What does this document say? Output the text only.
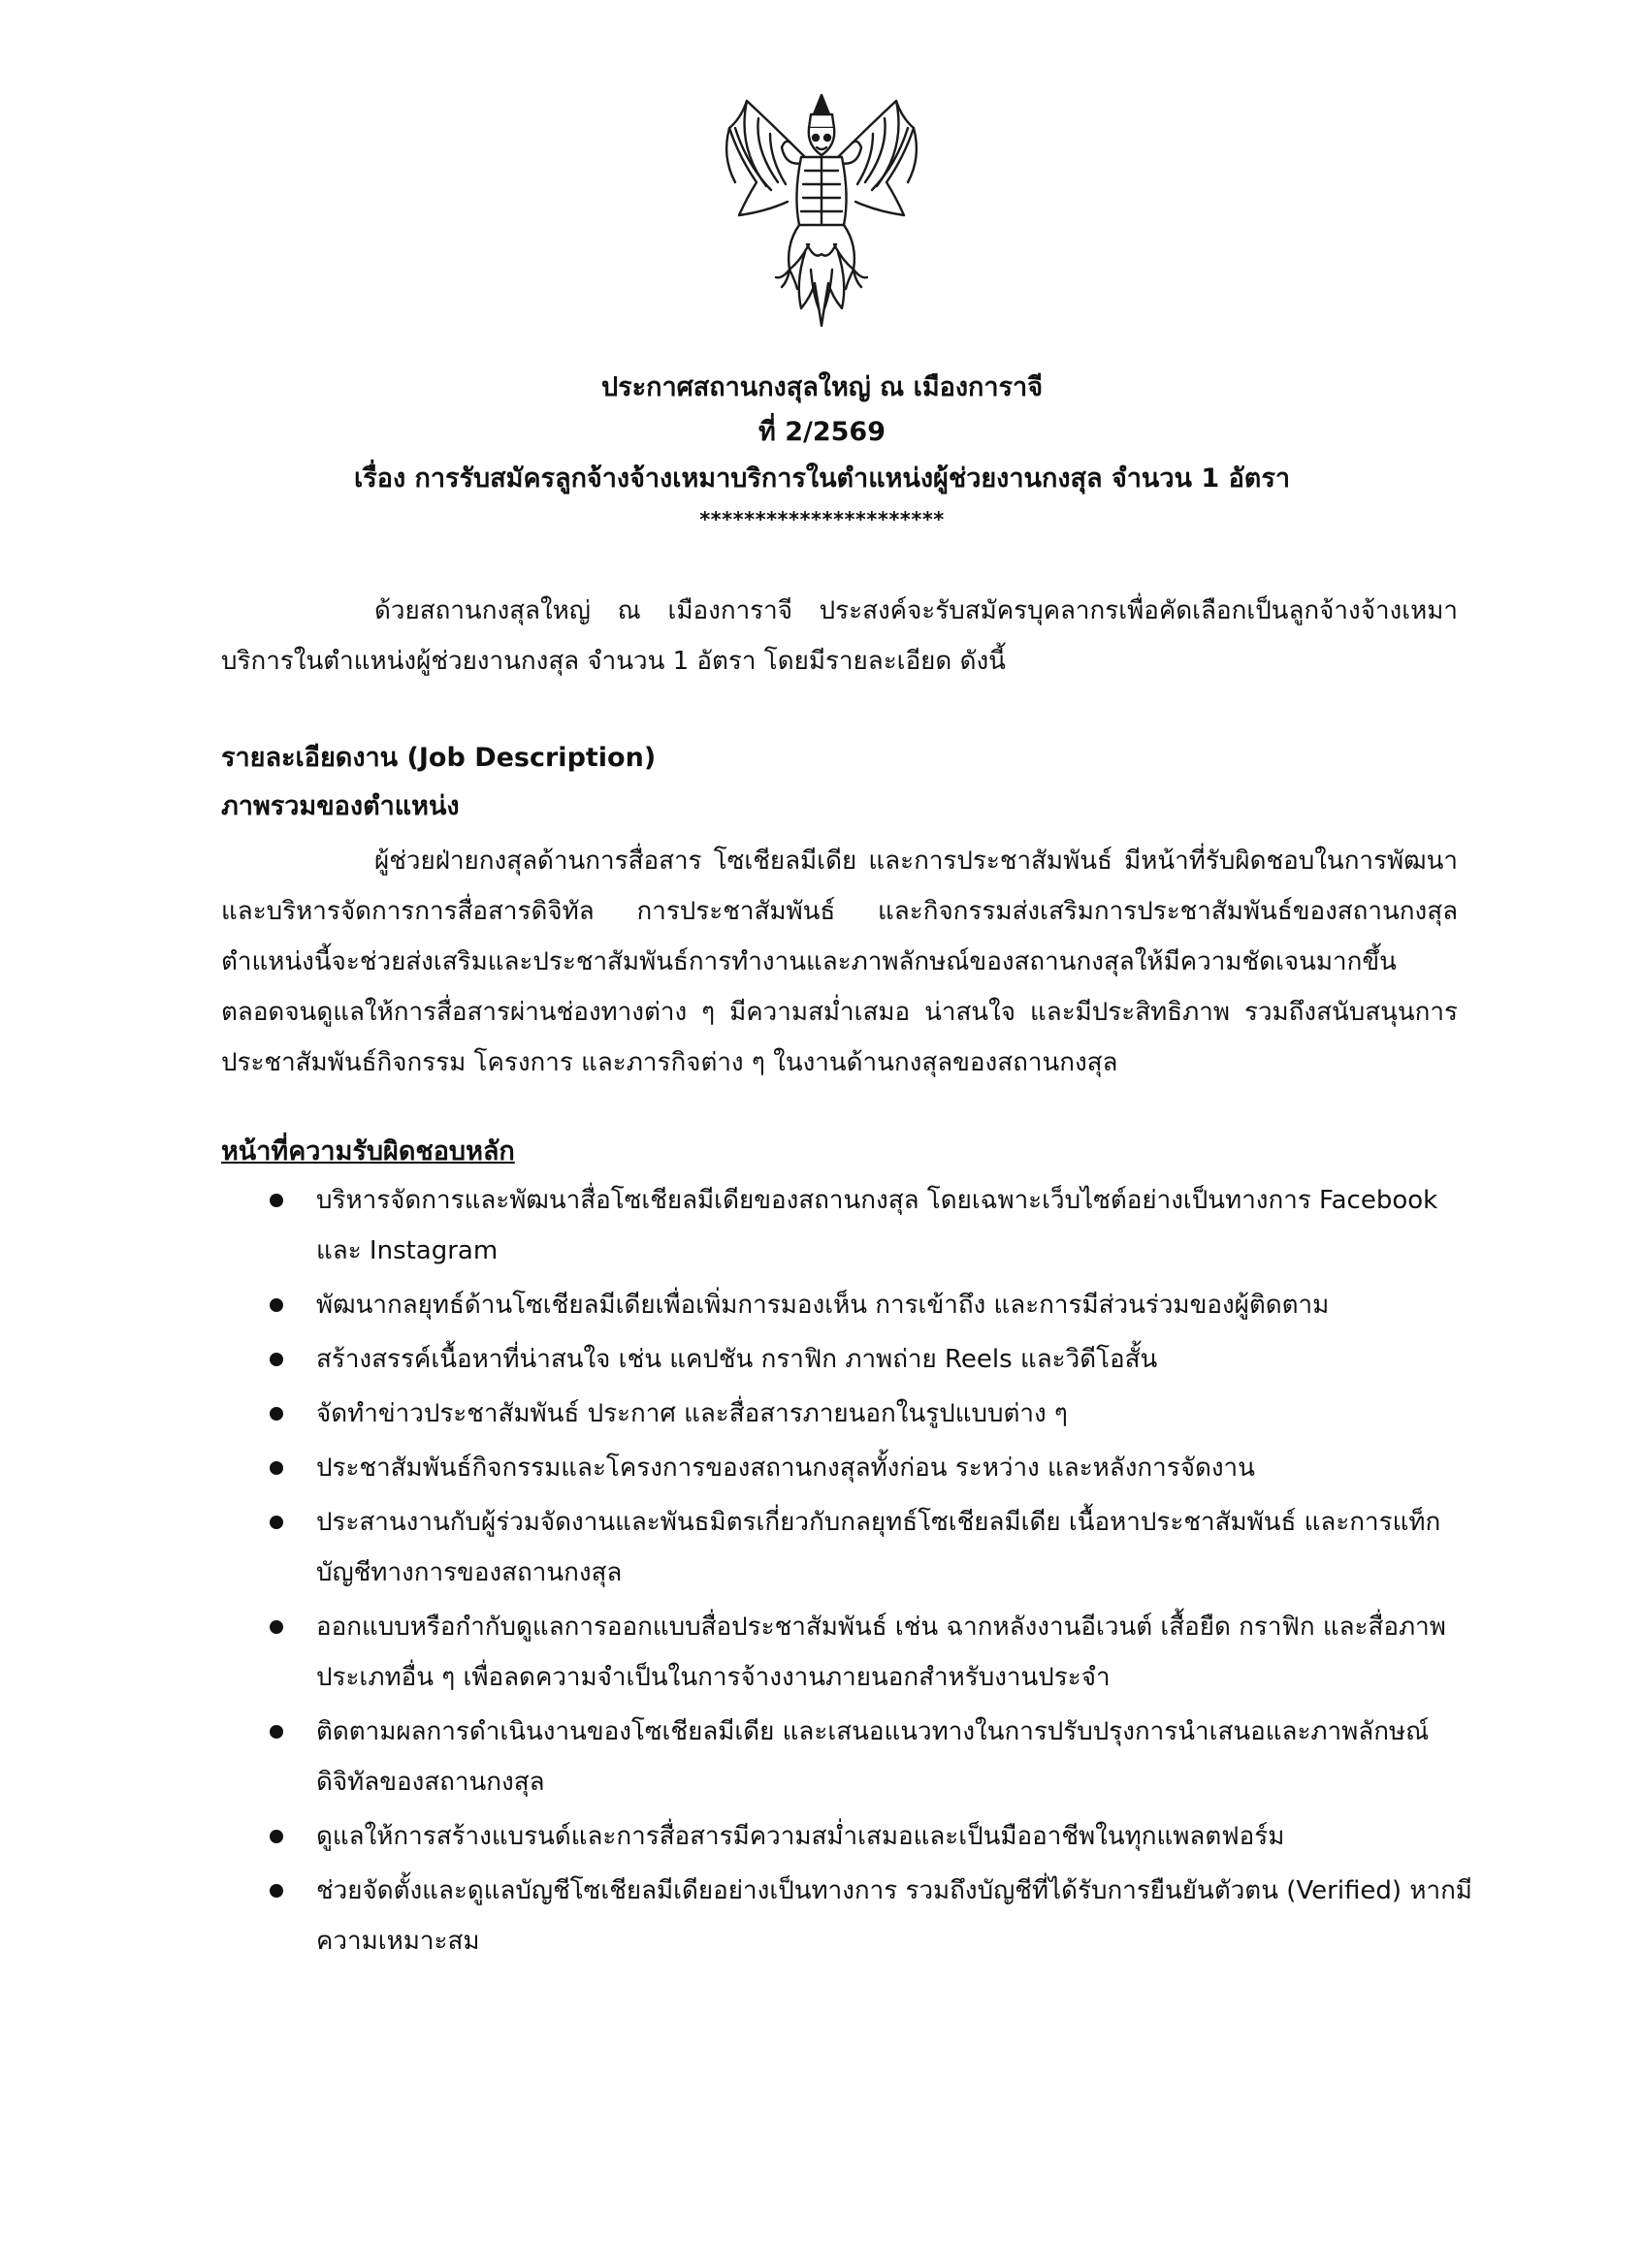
ประกาศสถานกงสุลใหญ่ ณ เมืองการาจี
ที่ 2/2569
เรื่อง การรับสมัครลูกจ้างจ้างเหมาบริการในตำแหน่งผู้ช่วยงานกงสุล จำนวน 1 อัตรา
**********************

ด้วยสถานกงสุลใหญ่ ณ เมืองการาจี ประสงค์จะรับสมัครบุคลากรเพื่อคัดเลือกเป็นลูกจ้างจ้างเหมาบริการในตำแหน่งผู้ช่วยงานกงสุล จำนวน 1 อัตรา โดยมีรายละเอียด ดังนี้

รายละเอียดงาน (Job Description)
ภาพรวมของตำแหน่ง

ผู้ช่วยฝ่ายกงสุลด้านการสื่อสาร โซเชียลมีเดีย และการประชาสัมพันธ์ มีหน้าที่รับผิดชอบในการพัฒนาและบริหารจัดการการสื่อสารดิจิทัล การประชาสัมพันธ์ และกิจกรรมส่งเสริมการประชาสัมพันธ์ของสถานกงสุล ตำแหน่งนี้จะช่วยส่งเสริมและประชาสัมพันธ์การทำงานและภาพลักษณ์ของสถานกงสุลให้มีความชัดเจนมากขึ้น ตลอดจนดูแลให้การสื่อสารผ่านช่องทางต่าง ๆ มีความสม่ำเสมอ น่าสนใจ และมีประสิทธิภาพ รวมถึงสนับสนุนการประชาสัมพันธ์กิจกรรม โครงการ และภารกิจต่าง ๆ ในงานด้านกงสุลของสถานกงสุล

หน้าที่ความรับผิดชอบหลัก
บริหารจัดการและพัฒนาสื่อโซเชียลมีเดียของสถานกงสุล โดยเฉพาะเว็บไซต์อย่างเป็นทางการ Facebook และ Instagram
พัฒนากลยุทธ์ด้านโซเชียลมีเดียเพื่อเพิ่มการมองเห็น การเข้าถึง และการมีส่วนร่วมของผู้ติดตาม
สร้างสรรค์เนื้อหาที่น่าสนใจ เช่น แคปชัน กราฟิก ภาพถ่าย Reels และวิดีโอสั้น
จัดทำข่าวประชาสัมพันธ์ ประกาศ และสื่อสารภายนอกในรูปแบบต่าง ๆ
ประชาสัมพันธ์กิจกรรมและโครงการของสถานกงสุลทั้งก่อน ระหว่าง และหลังการจัดงาน
ประสานงานกับผู้ร่วมจัดงานและพันธมิตรเกี่ยวกับกลยุทธ์โซเชียลมีเดีย เนื้อหาประชาสัมพันธ์ และการแท็กบัญชีทางการของสถานกงสุล
ออกแบบหรือกำกับดูแลการออกแบบสื่อประชาสัมพันธ์ เช่น ฉากหลังงานอีเวนต์ เสื้อยืด กราฟิก และสื่อภาพประเภทอื่น ๆ เพื่อลดความจำเป็นในการจ้างงานภายนอกสำหรับงานประจำ
ติดตามผลการดำเนินงานของโซเชียลมีเดีย และเสนอแนวทางในการปรับปรุงการนำเสนอและภาพลักษณ์ดิจิทัลของสถานกงสุล
ดูแลให้การสร้างแบรนด์และการสื่อสารมีความสม่ำเสมอและเป็นมืออาชีพในทุกแพลตฟอร์ม
ช่วยจัดตั้งและดูแลบัญชีโซเชียลมีเดียอย่างเป็นทางการ รวมถึงบัญชีที่ได้รับการยืนยันตัวตน (Verified) หากมีความเหมาะสม
